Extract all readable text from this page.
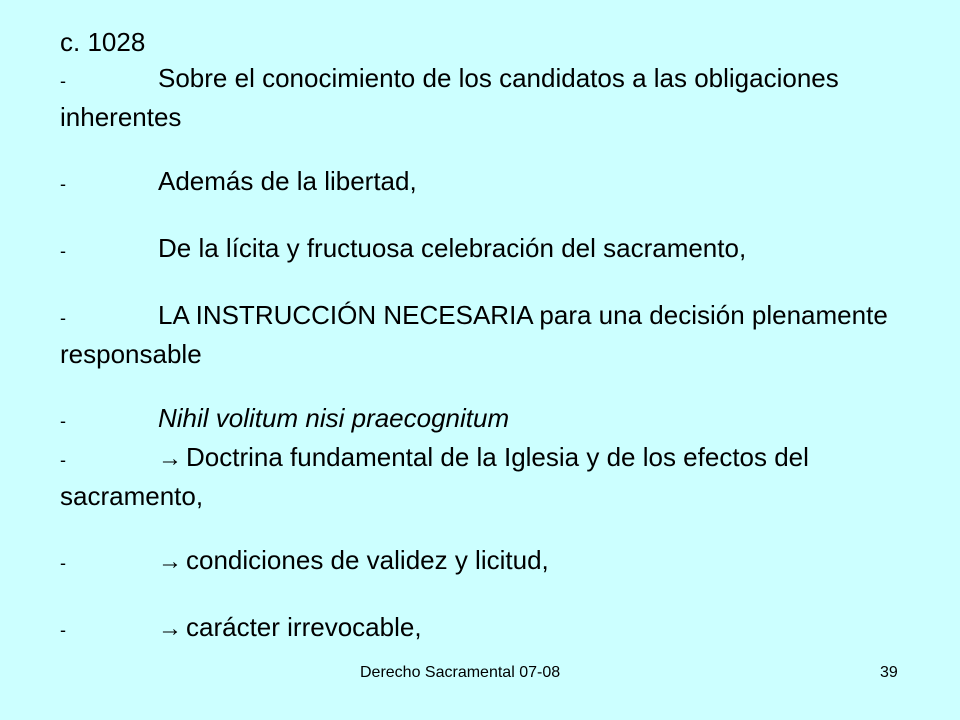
c. 1028

-	Sobre el conocimiento de los candidatos a las obligaciones inherentes

-	Además de la libertad,

-	De la lícita y fructuosa celebración del sacramento,

-	LA INSTRUCCIÓN NECESARIA para una decisión plenamente responsable

-	Nihil volitum nisi praecognitum

-	→ Doctrina fundamental de la Iglesia y de los efectos del sacramento,

-	→ condiciones de validez y licitud,

-	→ carácter irrevocable,

Derecho Sacramental 07-08	39
